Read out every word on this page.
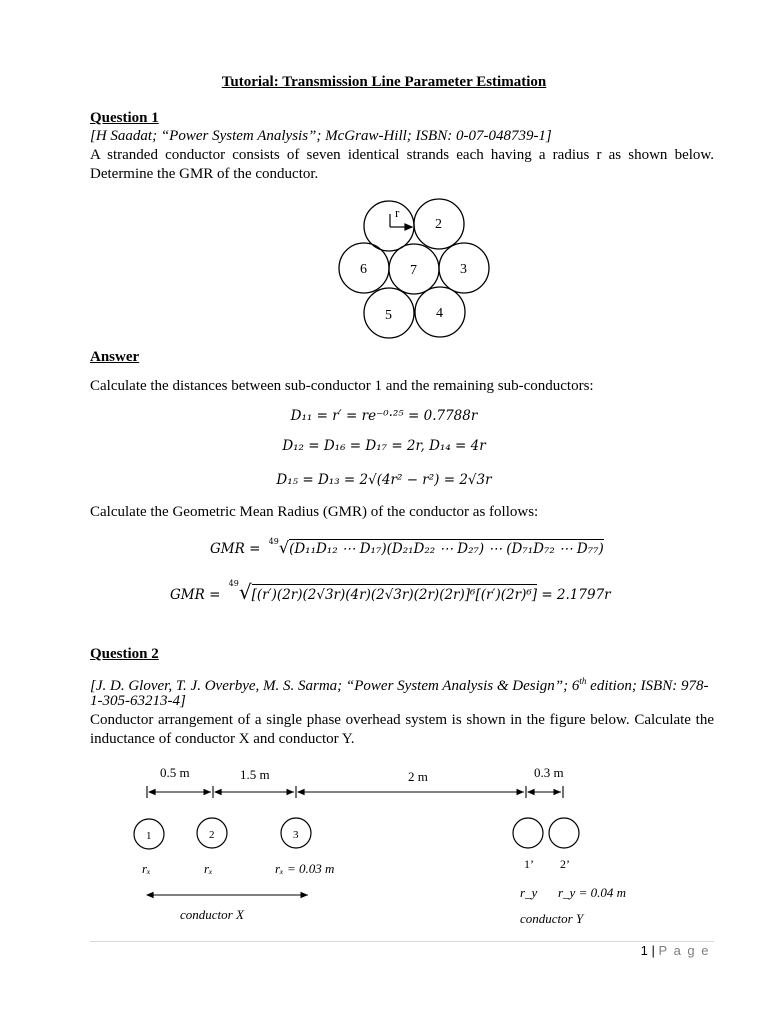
Tutorial: Transmission Line Parameter Estimation
Question 1
[H Saadat; “Power System Analysis”; McGraw-Hill; ISBN: 0-07-048739-1]
A stranded conductor consists of seven identical strands each having a radius r as shown below. Determine the GMR of the conductor.
r
2
3
4
5
6	7
Answer
Calculate the distances between sub-conductor 1 and the remaining sub-conductors:
D₁₁ = r′ = re⁻⁰·²⁵ = 0.7788r
D₁₂ = D₁₆ = D₁₇ = 2r, D₁₄ = 4r
D₁₅ = D₁₃ = 2√(4r² − r²) = 2√3r
Calculate the Geometric Mean Radius (GMR) of the conductor as follows:
GMR = $^{49}$√(D₁₁D₁₂ ⋯ D₁₇)(D₂₁D₂₂ ⋯ D₂₇) ⋯ (D₇₁D₇₂ ⋯ D₇₇)
GMR = $^{49}$√[(r′)(2r)(2√3r)(4r)(2√3r)(2r)(2r)]⁶[(r′)(2r)⁶] = 2.1797r
Question 2
[J. D. Glover, T. J. Overbye, M. S. Sarma; “Power System Analysis & Design”; 6th edition; ISBN: 978-
1-305-63213-4]
Conductor arrangement of a single phase overhead system is shown in the figure below. Calculate the inductance of conductor X and conductor Y.
0.5 m	1.5 m	2 m	0.3 m
1	2	3
1’ 2’
rₓ	rₓ	rₓ = 0.03 m
r_y r_y = 0.04 m
conductor X	conductor Y
1 | P a g e
